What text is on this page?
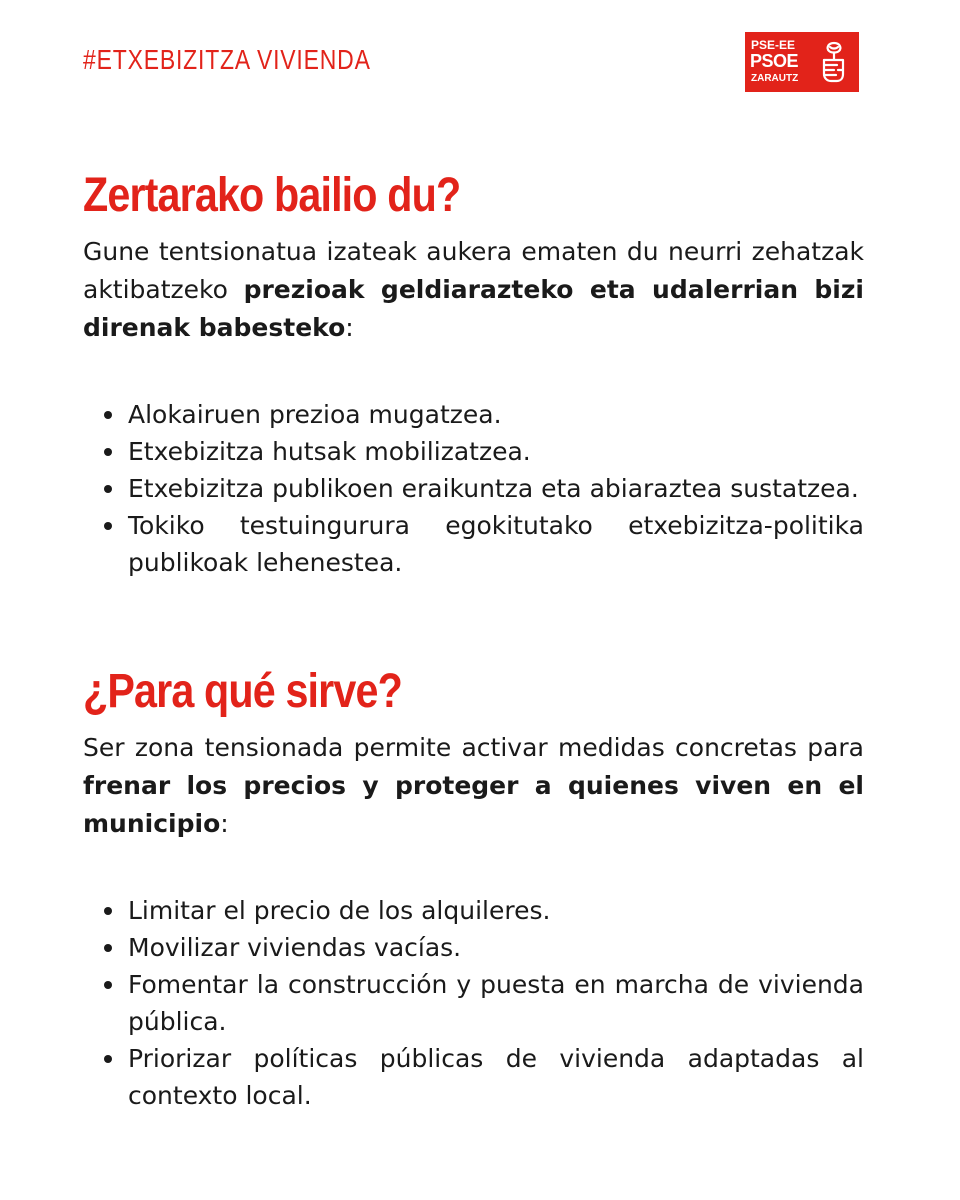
#ETXEBIZITZA VIVIENDA	PSE-EE
PSOE
ZARAUTZ
Zertarako bailio du?

Gune tentsionatua izateak aukera ematen du neurri zehatzak aktibatzeko prezioak geldiarazteko eta udalerrian bizi direnak babesteko:

Alokairuen prezioa mugatzea.
Etxebizitza hutsak mobilizatzea.
Etxebizitza publikoen eraikuntza eta abiaraztea sustatzea.
Tokiko testuingurura egokitutako etxebizitza-politika publikoak lehenestea.
¿Para qué sirve?

Ser zona tensionada permite activar medidas concretas para frenar los precios y proteger a quienes viven en el municipio:

Limitar el precio de los alquileres.
Movilizar viviendas vacías.
Fomentar la construcción y puesta en marcha de vivienda pública.
Priorizar políticas públicas de vivienda adaptadas al contexto local.
